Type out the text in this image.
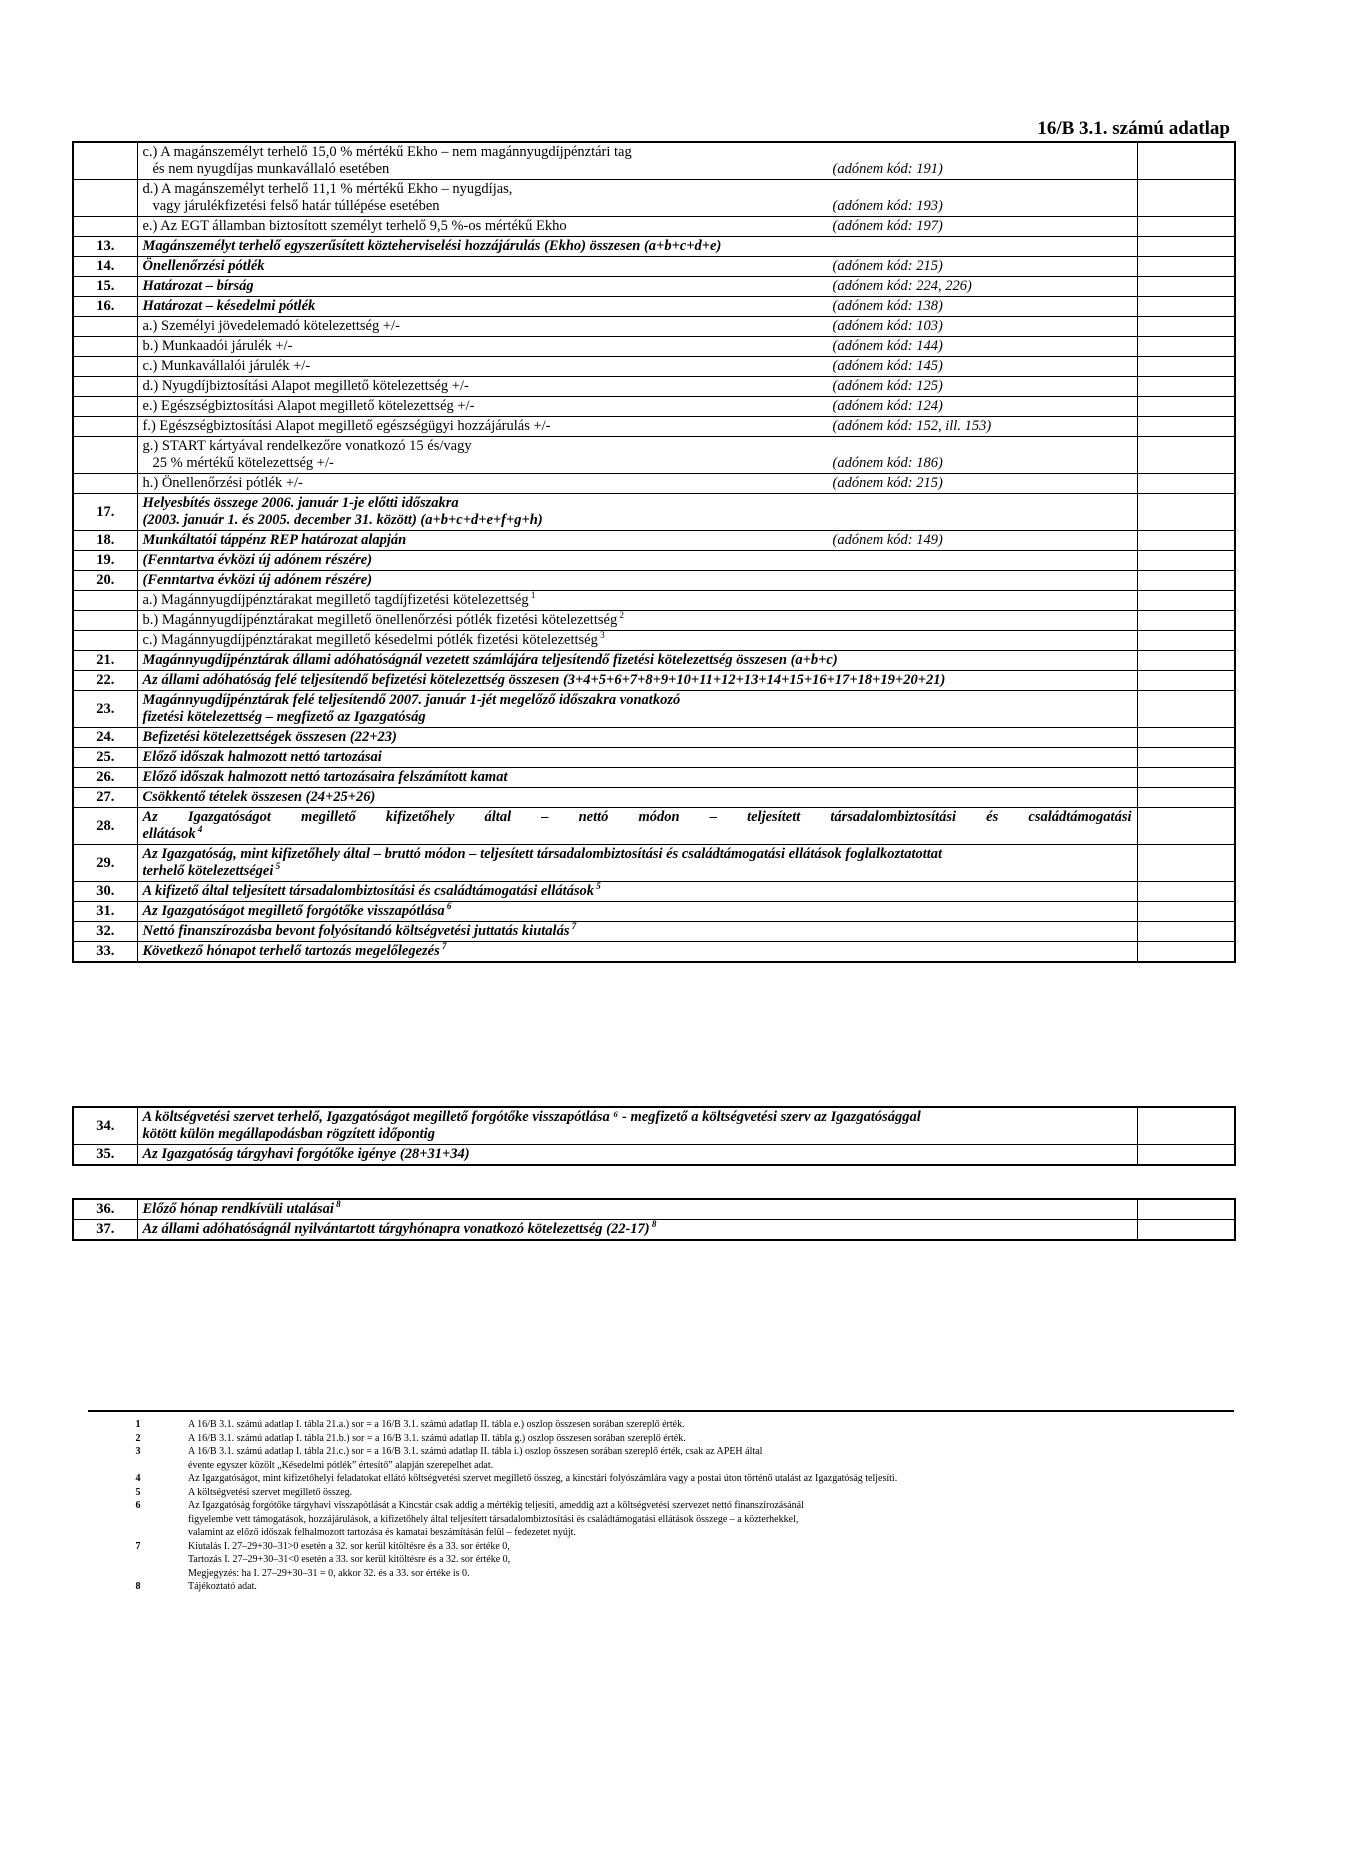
16/B 3.1. számú adatlap

	c.) A magánszemélyt terhelő 15,0 % mértékű Ekho – nem magánnyugdíjpénztári tag
és nem nyugdíjas munkavállaló esetében (adónem kód: 191)	

	d.) A magánszemélyt terhelő 11,1 % mértékű Ekho – nyugdíjas,
vagy járulékfizetési felső határ túllépése esetében (adónem kód: 193)	

	e.) Az EGT államban biztosított személyt terhelő 9,5 %-os mértékű Ekho (adónem kód: 197)	

13.	Magánszemélyt terhelő egyszerűsített közteherviselési hozzájárulás (Ekho) összesen (a+b+c+d+e)	

14.	Önellenőrzési pótlék (adónem kód: 215)	

15.	Határozat – bírság (adónem kód: 224, 226)	

16.	Határozat – késedelmi pótlék (adónem kód: 138)	

	a.) Személyi jövedelemadó kötelezettség +/- (adónem kód: 103)	

	b.) Munkaadói járulék +/- (adónem kód: 144)	

	c.) Munkavállalói járulék +/- (adónem kód: 145)	

	d.) Nyugdíjbiztosítási Alapot megillető kötelezettség +/- (adónem kód: 125)	

	e.) Egészségbiztosítási Alapot megillető kötelezettség +/- (adónem kód: 124)	

	f.) Egészségbiztosítási Alapot megillető egészségügyi hozzájárulás +/- (adónem kód: 152, ill. 153)	

	g.) START kártyával rendelkezőre vonatkozó 15 és/vagy
25 % mértékű kötelezettség +/- (adónem kód: 186)	

	h.) Önellenőrzési pótlék +/- (adónem kód: 215)	

17.	Helyesbítés összege 2006. január 1-je előtti időszakra
(2003. január 1. és 2005. december 31. között) (a+b+c+d+e+f+g+h)	

18.	Munkáltatói táppénz REP határozat alapján (adónem kód: 149)	

19.	(Fenntartva évközi új adónem részére)	

20.	(Fenntartva évközi új adónem részére)	

	a.) Magánnyugdíjpénztárakat megillető tagdíjfizetési kötelezettség $^1$

	b.) Magánnyugdíjpénztárakat megillető önellenőrzési pótlék fizetési kötelezettség $^2$

	c.) Magánnyugdíjpénztárakat megillető késedelmi pótlék fizetési kötelezettség $^3$

21.	Magánnyugdíjpénztárak állami adóhatóságnál vezetett számlájára teljesítendő fizetési kötelezettség összesen (a+b+c)	

22.	Az állami adóhatóság felé teljesítendő befizetési kötelezettség összesen (3+4+5+6+7+8+9+10+11+12+13+14+15+16+17+18+19+20+21)	

23.	Magánnyugdíjpénztárak felé teljesítendő 2007. január 1-jét megelőző időszakra vonatkozó
fizetési kötelezettség – megfizető az Igazgatóság	

24.	Befizetési kötelezettségek összesen (22+23)	

25.	Előző időszak halmozott nettó tartozásai	

26.	Előző időszak halmozott nettó tartozásaira felszámított kamat	

27.	Csökkentő tételek összesen (24+25+26)	

28.	Az Igazgatóságot megillető kifizetőhely által – nettó módon – teljesített társadalombiztosítási és családtámogatási
ellátások $^4$

29.	Az Igazgatóság, mint kifizetőhely által – bruttó módon – teljesített társadalombiztosítási és családtámogatási ellátások foglalkoztatottat
terhelő kötelezettségei $^5$

30.	A kifizető által teljesített társadalombiztosítási és családtámogatási ellátások $^5$

31.	Az Igazgatóságot megillető forgótőke visszapótlása $^6$

32.	Nettó finanszírozásba bevont folyósítandó költségvetési juttatás kiutalás $^7$

33.	Következő hónapot terhelő tartozás megelőlegezés $^7$

34.	A költségvetési szervet terhelő, Igazgatóságot megillető forgótőke visszapótlása ⁶ - megfizető a költségvetési szerv az Igazgatósággal
kötött külön megállapodásban rögzített időpontig	

35.	Az Igazgatóság tárgyhavi forgótőke igénye (28+31+34)	

36.	Előző hónap rendkívüli utalásai $^8$

37.	Az állami adóhatóságnál nyilvántartott tárgyhónapra vonatkozó kötelezettség (22-17) $^8$

1	A 16/B 3.1. számú adatlap I. tábla 21.a.) sor = a 16/B 3.1. számú adatlap II. tábla e.) oszlop összesen sorában szereplő érték.
2	A 16/B 3.1. számú adatlap I. tábla 21.b.) sor = a 16/B 3.1. számú adatlap II. tábla g.) oszlop összesen sorában szereplő érték.
3	A 16/B 3.1. számú adatlap I. tábla 21.c.) sor = a 16/B 3.1. számú adatlap II. tábla i.) oszlop összesen sorában szereplő érték, csak az APEH által
évente egyszer közölt „Késedelmi pótlék” értesítő” alapján szerepelhet adat.
4	Az Igazgatóságot, mint kifizetőhelyi feladatokat ellátó költségvetési szervet megillető összeg, a kincstári folyószámlára vagy a postai úton történő utalást az Igazgatóság teljesíti.
5	A költségvetési szervet megillető összeg.
6	Az Igazgatóság forgótőke tárgyhavi visszapótlását a Kincstár csak addig a mértékig teljesíti, ameddig azt a költségvetési szervezet nettó finanszírozásánál
figyelembe vett támogatások, hozzájárulások, a kifizetőhely által teljesített társadalombiztosítási és családtámogatási ellátások összege – a közterhekkel,
valamint az előző időszak felhalmozott tartozása és kamatai beszámításán felül – fedezetet nyújt.
7	Kiutalás I. 27–29+30–31>0 esetén a 32. sor kerül kitöltésre és a 33. sor értéke 0,
Tartozás I. 27–29+30–31<0 esetén a 33. sor kerül kitöltésre és a 32. sor értéke 0,
Megjegyzés: ha I. 27–29+30–31 = 0, akkor 32. és a 33. sor értéke is 0.
8	Tájékoztató adat.
